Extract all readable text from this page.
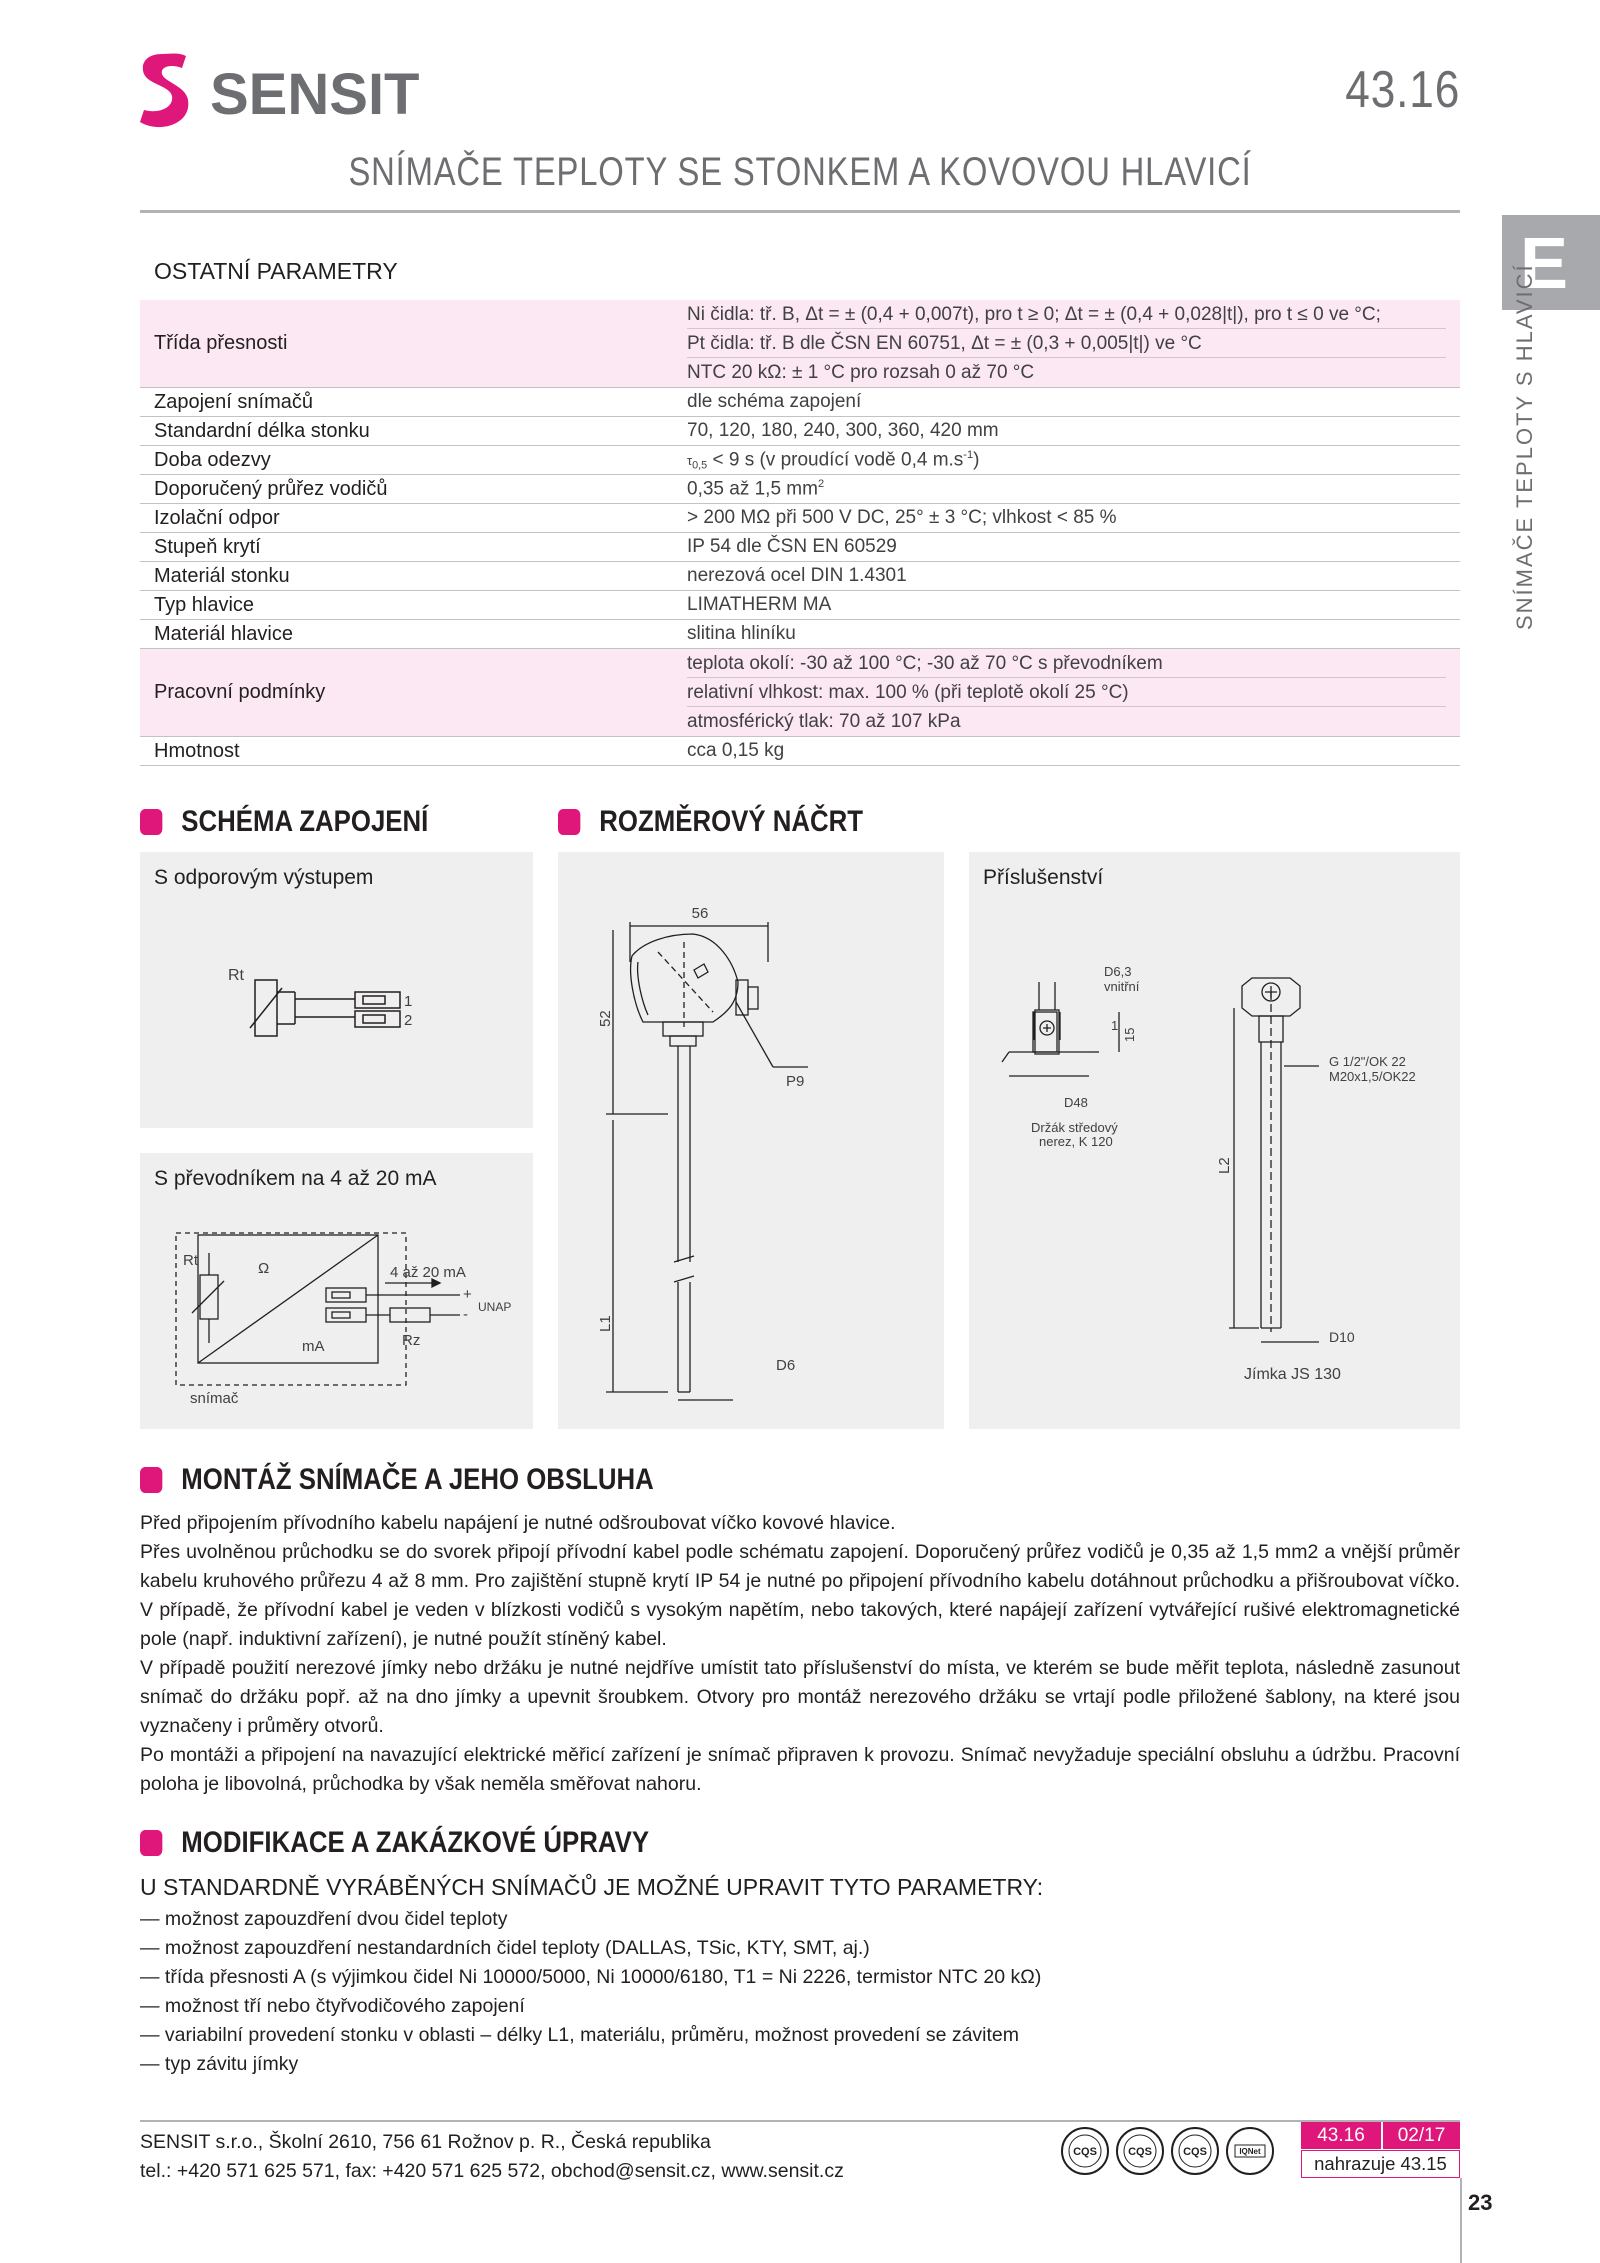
SENSIT	43.16
SNÍMAČE TEPLOTY SE STONKEM A KOVOVOU HLAVICÍ
E
SNÍMAČE TEPLOTY S HLAVICÍ
OSTATNÍ PARAMETRY
Třída přesnosti	Ni čidla: tř. B, Δt = ± (0,4 + 0,007t), pro t ≥ 0; Δt = ± (0,4 + 0,028|t|), pro t ≤ 0 ve °C;
Pt čidla: tř. B dle ČSN EN 60751, Δt = ± (0,3 + 0,005|t|) ve °C
NTC 20 kΩ: ± 1 °C pro rozsah 0 až 70 °C

Zapojení snímačů	dle schéma zapojení
Standardní délka stonku	70, 120, 180, 240, 300, 360, 420 mm
Doba odezvy	$\tau_{0,5} < 9$ s (v proudící vodě 0,4 $m.s^{-1}$)
Doporučený průřez vodičů	0,35 až 1,5 $mm^2$
Izolační odpor	> 200 MΩ při 500 V DC, 25° ± 3 °C; vlhkost < 85 %
Stupeň krytí	IP 54 dle ČSN EN 60529
Materiál stonku	nerezová ocel DIN 1.4301
Typ hlavice	LIMATHERM MA
Materiál hlavice	slitina hliníku
Pracovní podmínky	teplota okolí: -30 až 100 °C; -30 až 70 °C s převodníkem
relativní vlhkost: max. 100 % (při teplotě okolí 25 °C)
atmosférický tlak: 70 až 107 kPa

Hmotnost	cca 0,15 kg
SCHÉMA ZAPOJENÍ	ROZMĚROVÝ NÁČRT
S odporovým výstupem
Rt
1
2
S převodníkem na 4 až 20 mA
Rt	Ω
mA
4 až 20 mA
+
- UNAP
Rz
snímač
56
52
P9
L1
D6
Příslušenství
D6,3
vnitřní
1
15
D48
Držák středový
nerez, K 120
L2
G 1/2"/OK 22
M20x1,5/OK22
D10
Jímka JS 130
MONTÁŽ SNÍMAČE A JEHO OBSLUHA

Před připojením přívodního kabelu napájení je nutné odšroubovat víčko kovové hlavice.

Přes uvolněnou průchodku se do svorek připojí přívodní kabel podle schématu zapojení. Doporučený průřez vodičů je 0,35 až 1,5 mm2 a vnější průměr kabelu kruhového průřezu 4 až 8 mm. Pro zajištění stupně krytí IP 54 je nutné po připojení přívodního kabelu dotáhnout průchodku a přišroubovat víčko. V případě, že přívodní kabel je veden v blízkosti vodičů s vysokým napětím, nebo takových, které napájejí zařízení vytvářející rušivé elektromagnetické pole (např. induktivní zařízení), je nutné použít stíněný kabel.

V případě použití nerezové jímky nebo držáku je nutné nejdříve umístit tato příslušenství do místa, ve kterém se bude měřit teplota, následně zasunout snímač do držáku popř. až na dno jímky a upevnit šroubkem. Otvory pro montáž nerezového držáku se vrtají podle přiložené šablony, na které jsou vyznačeny i průměry otvorů.

Po montáži a připojení na navazující elektrické měřicí zařízení je snímač připraven k provozu. Snímač nevyžaduje speciální obsluhu a údržbu. Pracovní poloha je libovolná, průchodka by však neměla směřovat nahoru.

MODIFIKACE A ZAKÁZKOVÉ ÚPRAVY
U STANDARDNĚ VYRÁBĚNÝCH SNÍMAČŮ JE MOŽNÉ UPRAVIT TYTO PARAMETRY:
— možnost zapouzdření dvou čidel teploty
— možnost zapouzdření nestandardních čidel teploty (DALLAS, TSic, KTY, SMT, aj.)
— třída přesnosti A (s výjimkou čidel Ni 10000/5000, Ni 10000/6180, T1 = Ni 2226, termistor NTC 20 kΩ)
— možnost tří nebo čtyřvodičového zapojení
— variabilní provedení stonku v oblasti – délky L1, materiálu, průměru, možnost provedení se závitem
— typ závitu jímky
SENSIT s.r.o., Školní 2610, 756 61 Rožnov p. R., Česká republika
tel.: +420 571 625 571, fax: +420 571 625 572, obchod@sensit.cz, www.sensit.cz
CQS	CQS	CQS	IQNet
43.16	02/17
nahrazuje 43.15
23
